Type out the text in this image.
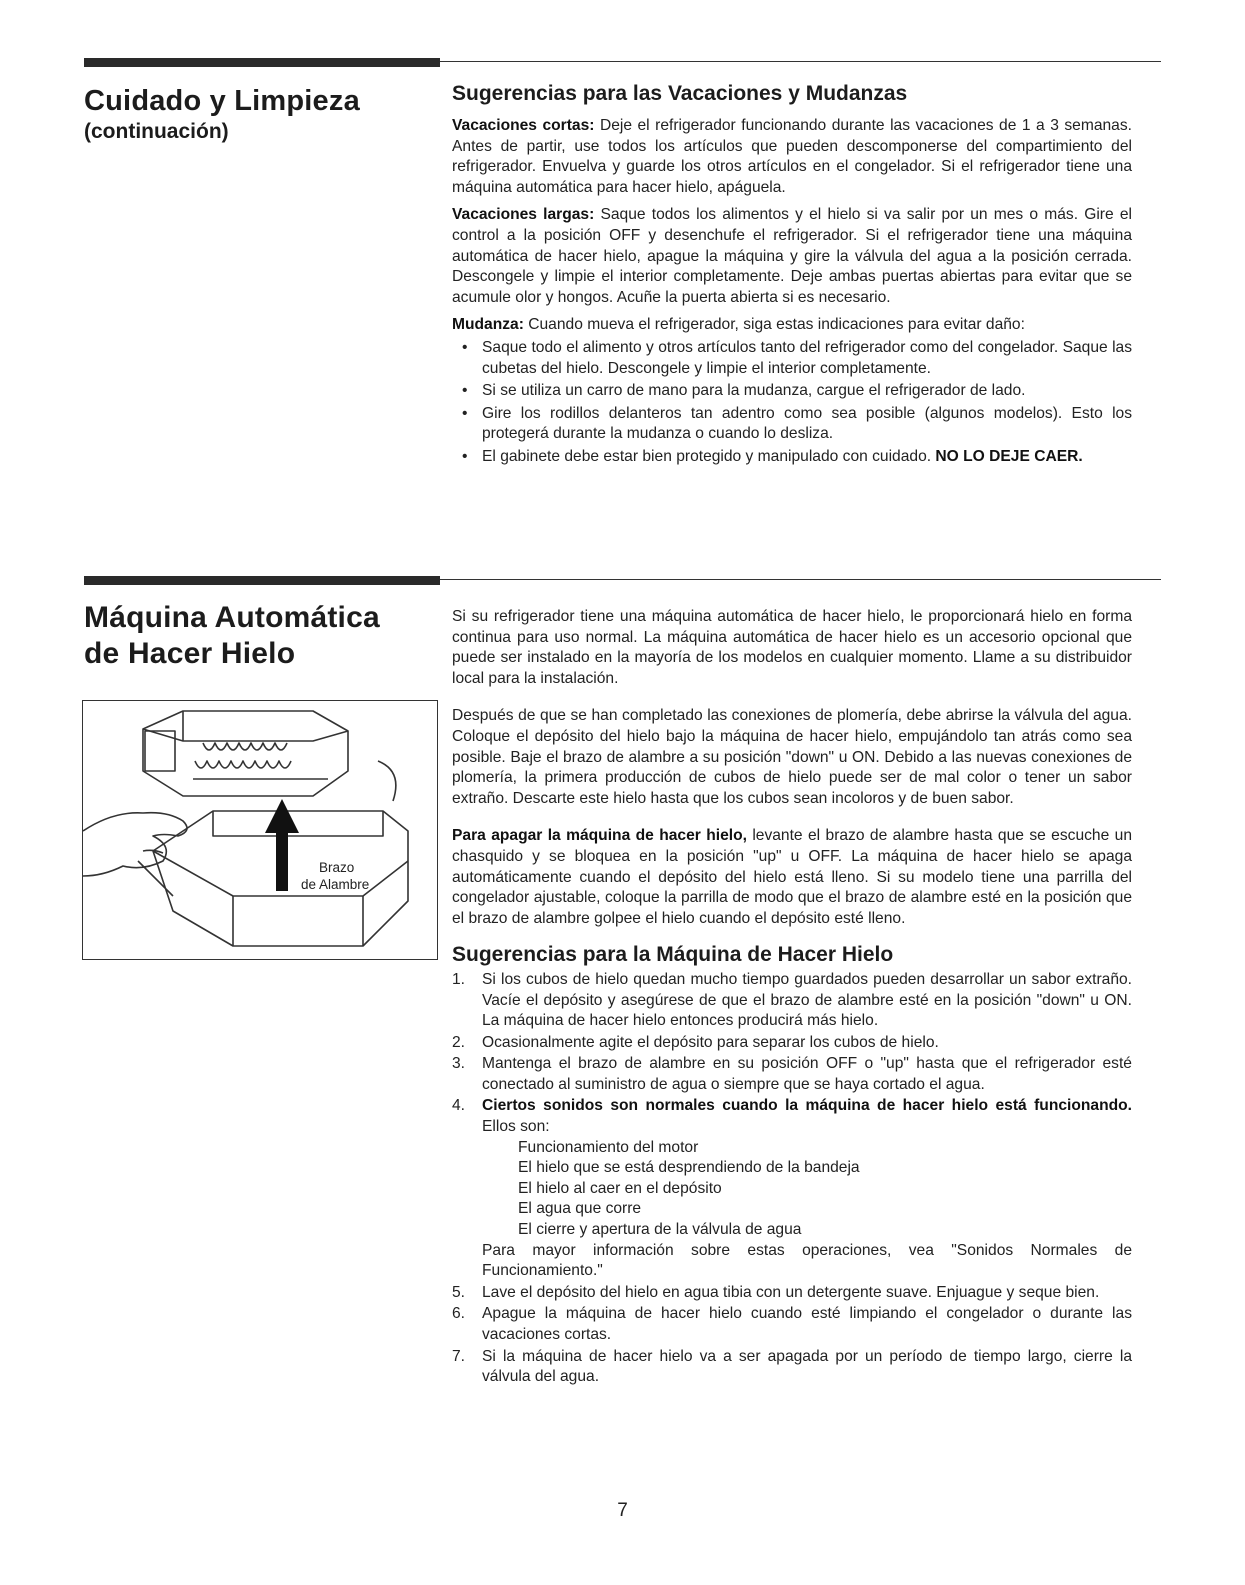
Cuidado y Limpieza
(continuación)
Sugerencias para las Vacaciones y Mudanzas

Vacaciones cortas: Deje el refrigerador funcionando durante las vacaciones de 1 a 3 semanas. Antes de partir, use todos los artículos que pueden descomponerse del compartimiento del refrigerador. Envuelva y guarde los otros artículos en el congelador. Si el refrigerador tiene una máquina automática para hacer hielo, apáguela.

Vacaciones largas: Saque todos los alimentos y el hielo si va salir por un mes o más. Gire el control a la posición OFF y desenchufe el refrigerador. Si el refrigerador tiene una máquina automática de hacer hielo, apague la máquina y gire la válvula del agua a la posición cerrada. Descongele y limpie el interior completamente. Deje ambas puertas abiertas para evitar que se acumule olor y hongos. Acuñe la puerta abierta si es necesario.

Mudanza: Cuando mueva el refrigerador, siga estas indicaciones para evitar daño:

• Saque todo el alimento y otros artículos tanto del refrigerador como del congelador. Saque las cubetas del hielo. Descongele y limpie el interior completamente.
• Si se utiliza un carro de mano para la mudanza, cargue el refrigerador de lado.
• Gire los rodillos delanteros tan adentro como sea posible (algunos modelos). Esto los protegerá durante la mudanza o cuando lo desliza.
• El gabinete debe estar bien protegido y manipulado con cuidado. NO LO DEJE CAER.
Máquina Automática
de Hacer Hielo
Brazo
de Alambre

Si su refrigerador tiene una máquina automática de hacer hielo, le proporcionará hielo en forma continua para uso normal. La máquina automática de hacer hielo es un accesorio opcional que puede ser instalado en la mayoría de los modelos en cualquier momento. Llame a su distribuidor local para la instalación.

Después de que se han completado las conexiones de plomería, debe abrirse la válvula del agua. Coloque el depósito del hielo bajo la máquina de hacer hielo, empujándolo tan atrás como sea posible. Baje el brazo de alambre a su posición "down" u ON. Debido a las nuevas conexiones de plomería, la primera producción de cubos de hielo puede ser de mal color o tener un sabor extraño. Descarte este hielo hasta que los cubos sean incoloros y de buen sabor.

Para apagar la máquina de hacer hielo, levante el brazo de alambre hasta que se escuche un chasquido y se bloquea en la posición "up" u OFF. La máquina de hacer hielo se apaga automáticamente cuando el depósito del hielo está lleno. Si su modelo tiene una parrilla del congelador ajustable, coloque la parrilla de modo que el brazo de alambre esté en la posición que el brazo de alambre golpee el hielo cuando el depósito esté lleno.

Sugerencias para la Máquina de Hacer Hielo
1. Si los cubos de hielo quedan mucho tiempo guardados pueden desarrollar un sabor extraño. Vacíe el depósito y asegúrese de que el brazo de alambre esté en la posición "down" u ON. La máquina de hacer hielo entonces producirá más hielo.
2. Ocasionalmente agite el depósito para separar los cubos de hielo.
3. Mantenga el brazo de alambre en su posición OFF o "up" hasta que el refrigerador esté conectado al suministro de agua o siempre que se haya cortado el agua.
4. Ciertos sonidos son normales cuando la máquina de hacer hielo está funcionando. Ellos son:
Funcionamiento del motor
El hielo que se está desprendiendo de la bandeja
El hielo al caer en el depósito
El agua que corre
El cierre y apertura de la válvula de agua
Para mayor información sobre estas operaciones, vea "Sonidos Normales de Funcionamiento."
5. Lave el depósito del hielo en agua tibia con un detergente suave. Enjuague y seque bien.
6. Apague la máquina de hacer hielo cuando esté limpiando el congelador o durante las vacaciones cortas.
7. Si la máquina de hacer hielo va a ser apagada por un período de tiempo largo, cierre la válvula del agua.
7
